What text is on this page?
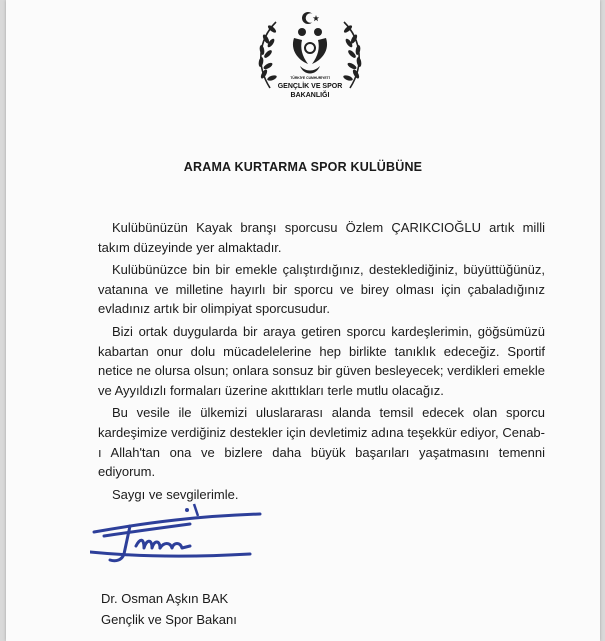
TÜRKİYE CUMHURİYETİ
GENÇLİK VE SPOR
BAKANLIĞI
ARAMA KURTARMA SPOR KULÜBÜNE

Kulübünüzün Kayak branşı sporcusu Özlem ÇARIKCIOĞLU artık milli takım düzeyinde yer almaktadır.

Kulübünüzce bin bir emekle çalıştırdığınız, desteklediğiniz, büyüttüğünüz, vatanına ve milletine hayırlı bir sporcu ve birey olması için çabaladığınız evladınız artık bir olimpiyat sporcusudur.

Bizi ortak duygularda bir araya getiren sporcu kardeşlerimin, göğsümüzü kabartan onur dolu mücadelelerine hep birlikte tanıklık edeceğiz. Sportif netice ne olursa olsun; onlara sonsuz bir güven besleyecek; verdikleri emekle ve Ayyıldızlı formaları üzerine akıttıkları terle mutlu olacağız.

Bu vesile ile ülkemizi uluslararası alanda temsil edecek olan sporcu kardeşimize verdiğiniz destekler için devletimiz adına teşekkür ediyor, Cenab-ı Allah'tan ona ve bizlere daha büyük başarıları yaşatmasını temenni ediyorum.

Saygı ve sevgilerimle.

Dr. Osman Aşkın BAK
Gençlik ve Spor Bakanı
